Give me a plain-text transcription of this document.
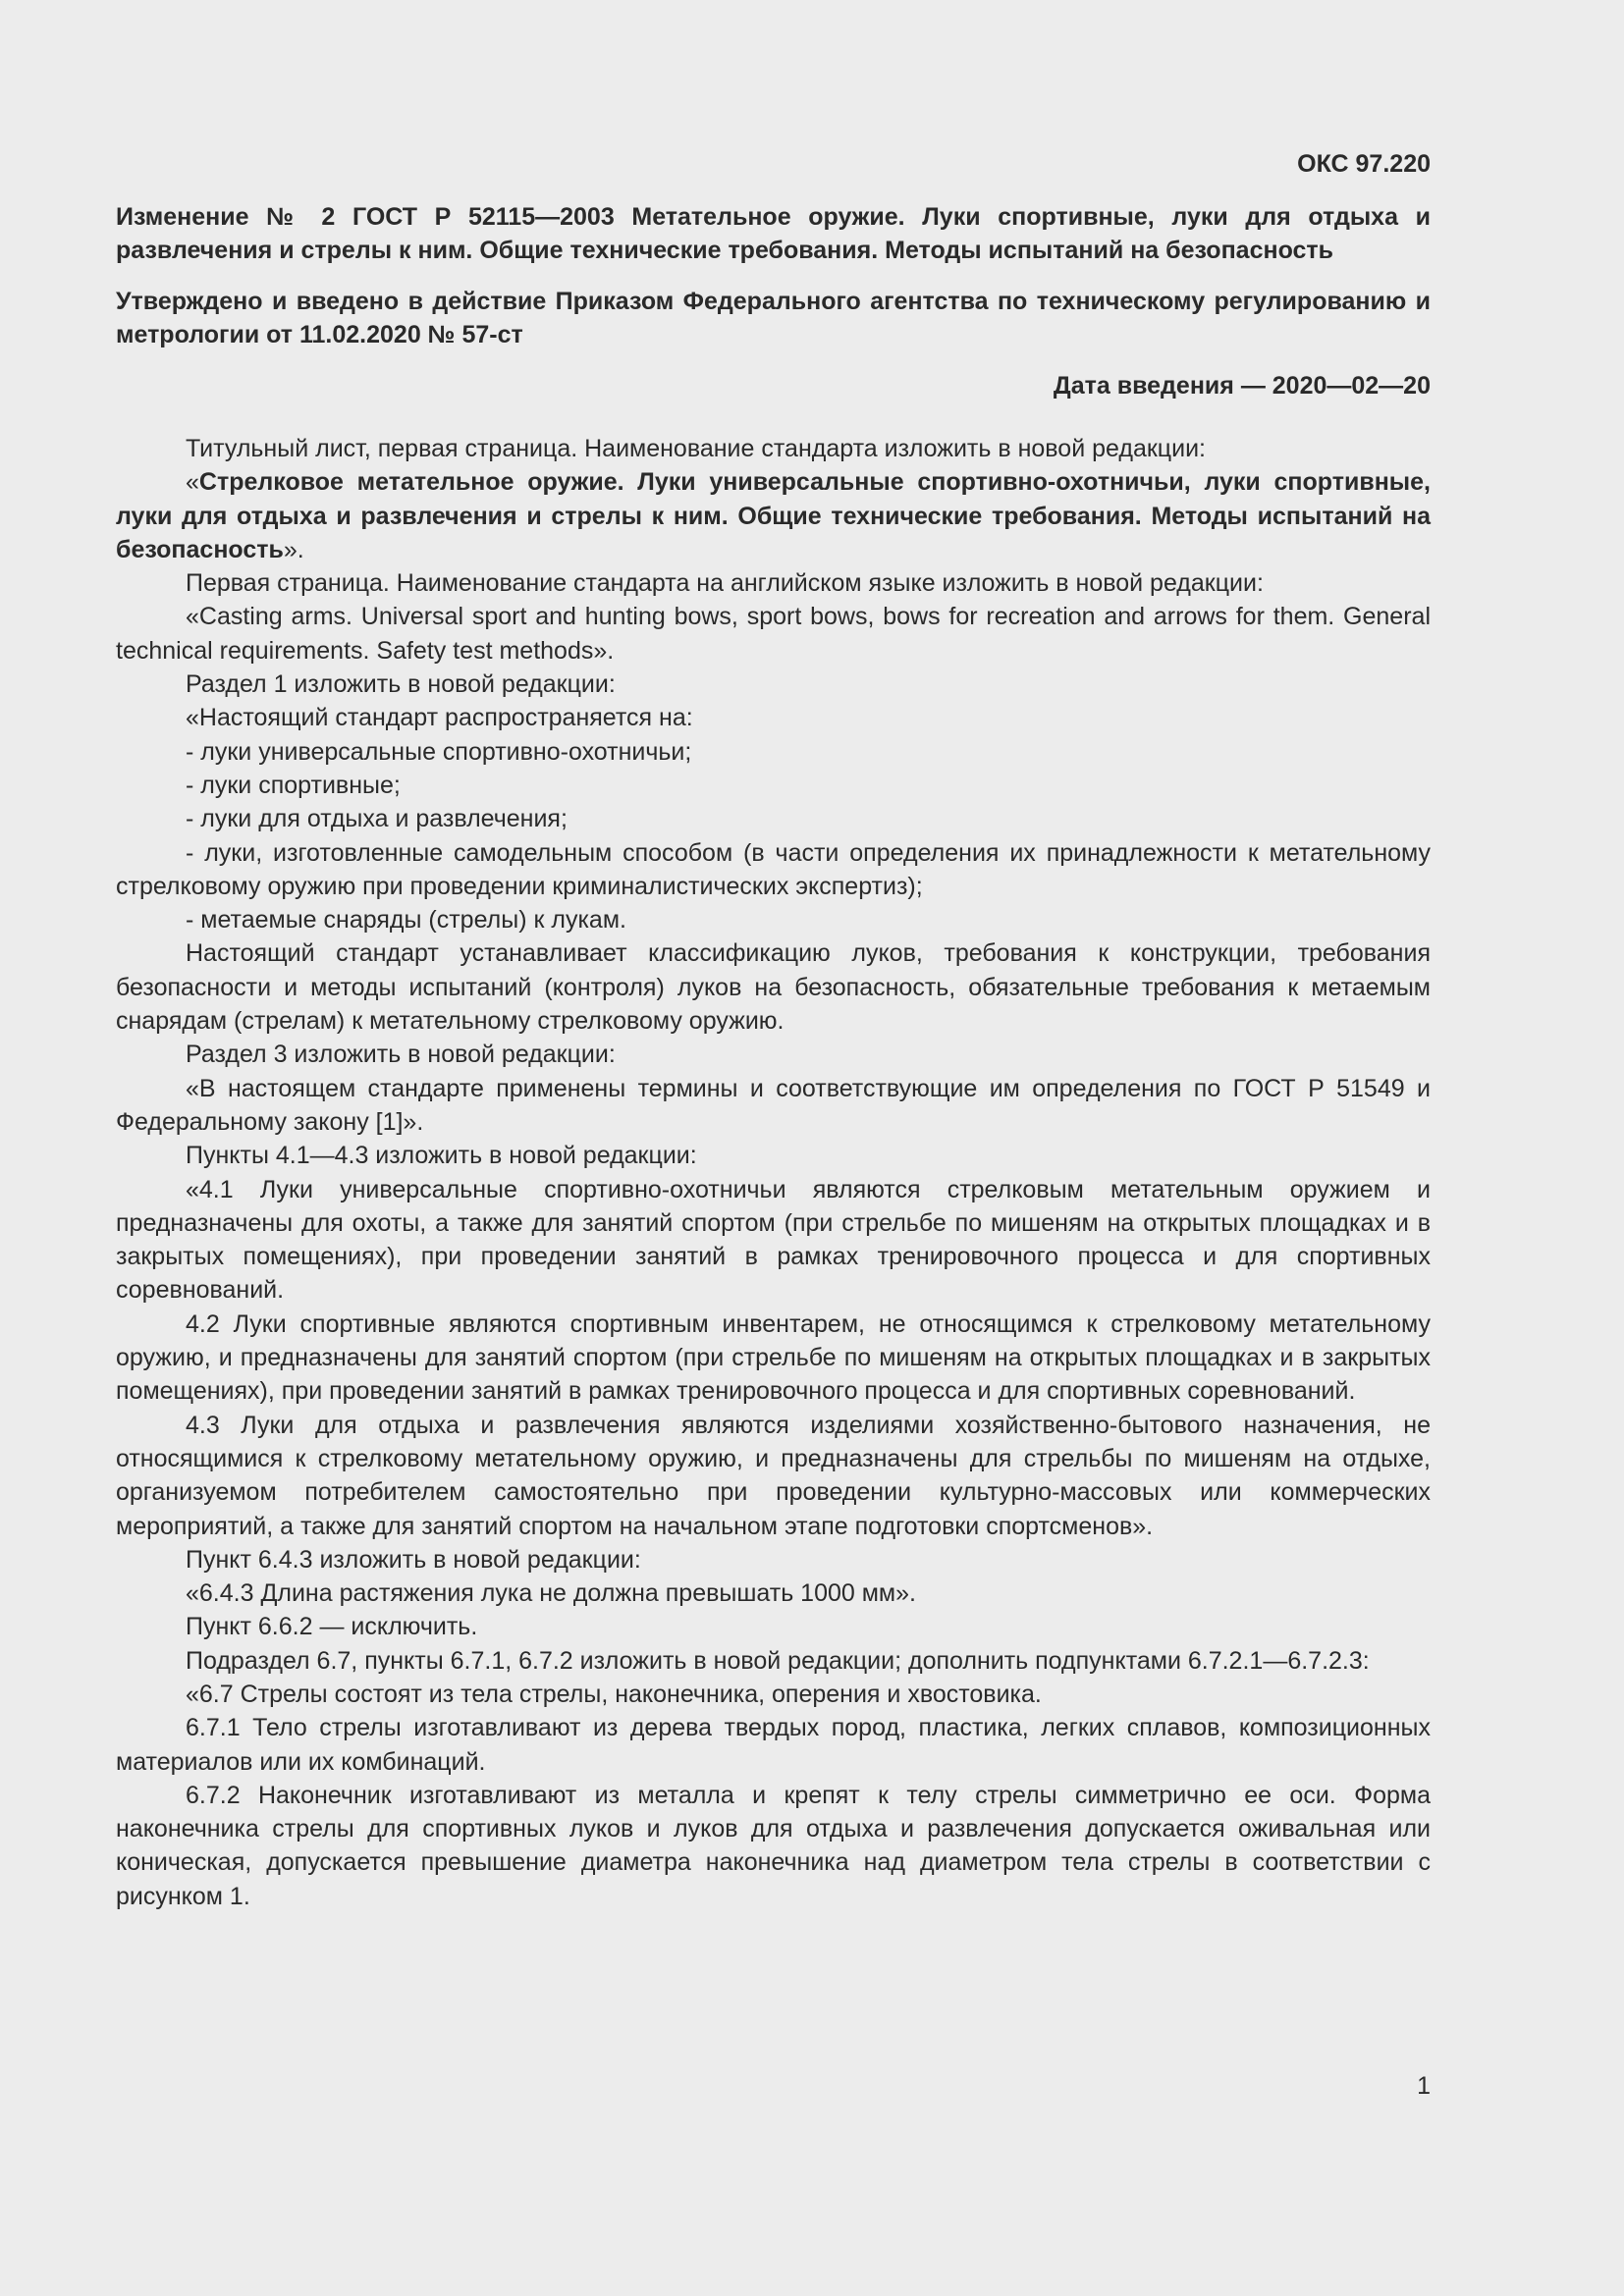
ОКС 97.220
Изменение № 2 ГОСТ Р 52115—2003 Метательное оружие. Луки спортивные, луки для отдыха и развлечения и стрелы к ним. Общие технические требования. Методы испытаний на безопасность
Утверждено и введено в действие Приказом Федерального агентства по техническому регулированию и метрологии от 11.02.2020 № 57-ст
Дата введения — 2020—02—20

Титульный лист, первая страница. Наименование стандарта изложить в новой редакции:

«Стрелковое метательное оружие. Луки универсальные спортивно-охотничьи, луки спортивные, луки для отдыха и развлечения и стрелы к ним. Общие технические требования. Методы испытаний на безопасность».

Первая страница. Наименование стандарта на английском языке изложить в новой редакции:

«Casting arms. Universal sport and hunting bows, sport bows, bows for recreation and arrows for them. General technical requirements. Safety test methods».

Раздел 1 изложить в новой редакции:

«Настоящий стандарт распространяется на:

- луки универсальные спортивно-охотничьи;

- луки спортивные;

- луки для отдыха и развлечения;

- луки, изготовленные самодельным способом (в части определения их принадлежности к метательному стрелковому оружию при проведении криминалистических экспертиз);

- метаемые снаряды (стрелы) к лукам.

Настоящий стандарт устанавливает классификацию луков, требования к конструкции, требования безопасности и методы испытаний (контроля) луков на безопасность, обязательные требования к метаемым снарядам (стрелам) к метательному стрелковому оружию.

Раздел 3 изложить в новой редакции:

«В настоящем стандарте применены термины и соответствующие им определения по ГОСТ Р 51549 и Федеральному закону [1]».

Пункты 4.1—4.3 изложить в новой редакции:

«4.1 Луки универсальные спортивно-охотничьи являются стрелковым метательным оружием и предназначены для охоты, а также для занятий спортом (при стрельбе по мишеням на открытых площадках и в закрытых помещениях), при проведении занятий в рамках тренировочного процесса и для спортивных соревнований.

4.2 Луки спортивные являются спортивным инвентарем, не относящимся к стрелковому метательному оружию, и предназначены для занятий спортом (при стрельбе по мишеням на открытых площадках и в закрытых помещениях), при проведении занятий в рамках тренировочного процесса и для спортивных соревнований.

4.3 Луки для отдыха и развлечения являются изделиями хозяйственно-бытового назначения, не относящимися к стрелковому метательному оружию, и предназначены для стрельбы по мишеням на отдыхе, организуемом потребителем самостоятельно при проведении культурно-массовых или коммерческих мероприятий, а также для занятий спортом на начальном этапе подготовки спортсменов».

Пункт 6.4.3 изложить в новой редакции:

«6.4.3 Длина растяжения лука не должна превышать 1000 мм».

Пункт 6.6.2 — исключить.

Подраздел 6.7, пункты 6.7.1, 6.7.2 изложить в новой редакции; дополнить подпунктами 6.7.2.1—6.7.2.3:

«6.7 Стрелы состоят из тела стрелы, наконечника, оперения и хвостовика.

6.7.1 Тело стрелы изготавливают из дерева твердых пород, пластика, легких сплавов, композиционных материалов или их комбинаций.

6.7.2 Наконечник изготавливают из металла и крепят к телу стрелы симметрично ее оси. Форма наконечника стрелы для спортивных луков и луков для отдыха и развлечения допускается оживальная или коническая, допускается превышение диаметра наконечника над диаметром тела стрелы в соответствии с рисунком 1.

1
